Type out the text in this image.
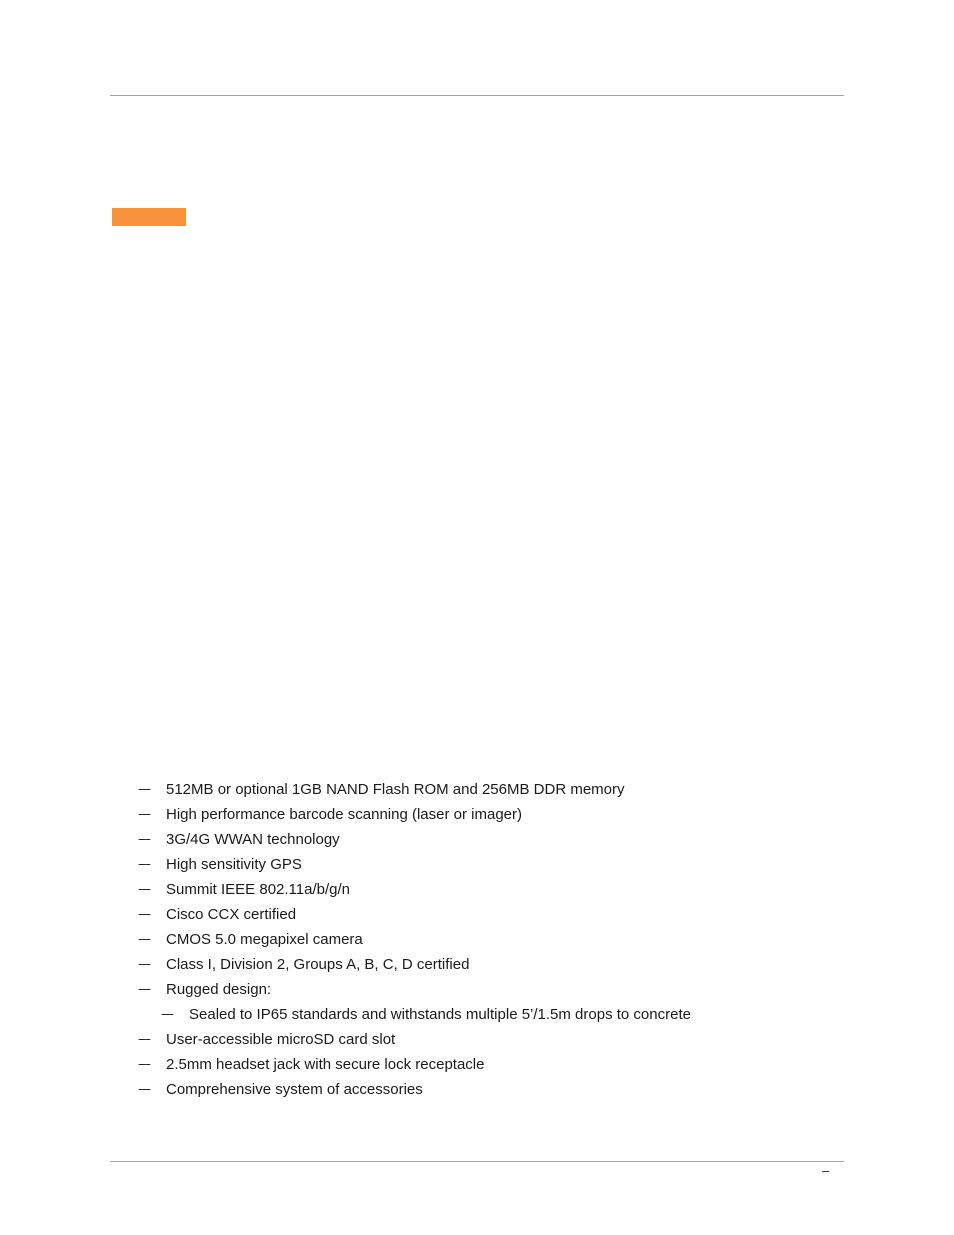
— 512MB or optional 1GB NAND Flash ROM and 256MB DDR memory
— High performance barcode scanning (laser or imager)
— 3G/4G WWAN technology
— High sensitivity GPS
— Summit IEEE 802.11a/b/g/n
— Cisco CCX certified
— CMOS 5.0 megapixel camera
— Class I, Division 2, Groups A, B, C, D certified
— Rugged design:
— Sealed to IP65 standards and withstands multiple 5’/1.5m drops to concrete
— User-accessible microSD card slot
— 2.5mm headset jack with secure lock receptacle
— Comprehensive system of accessories
–
